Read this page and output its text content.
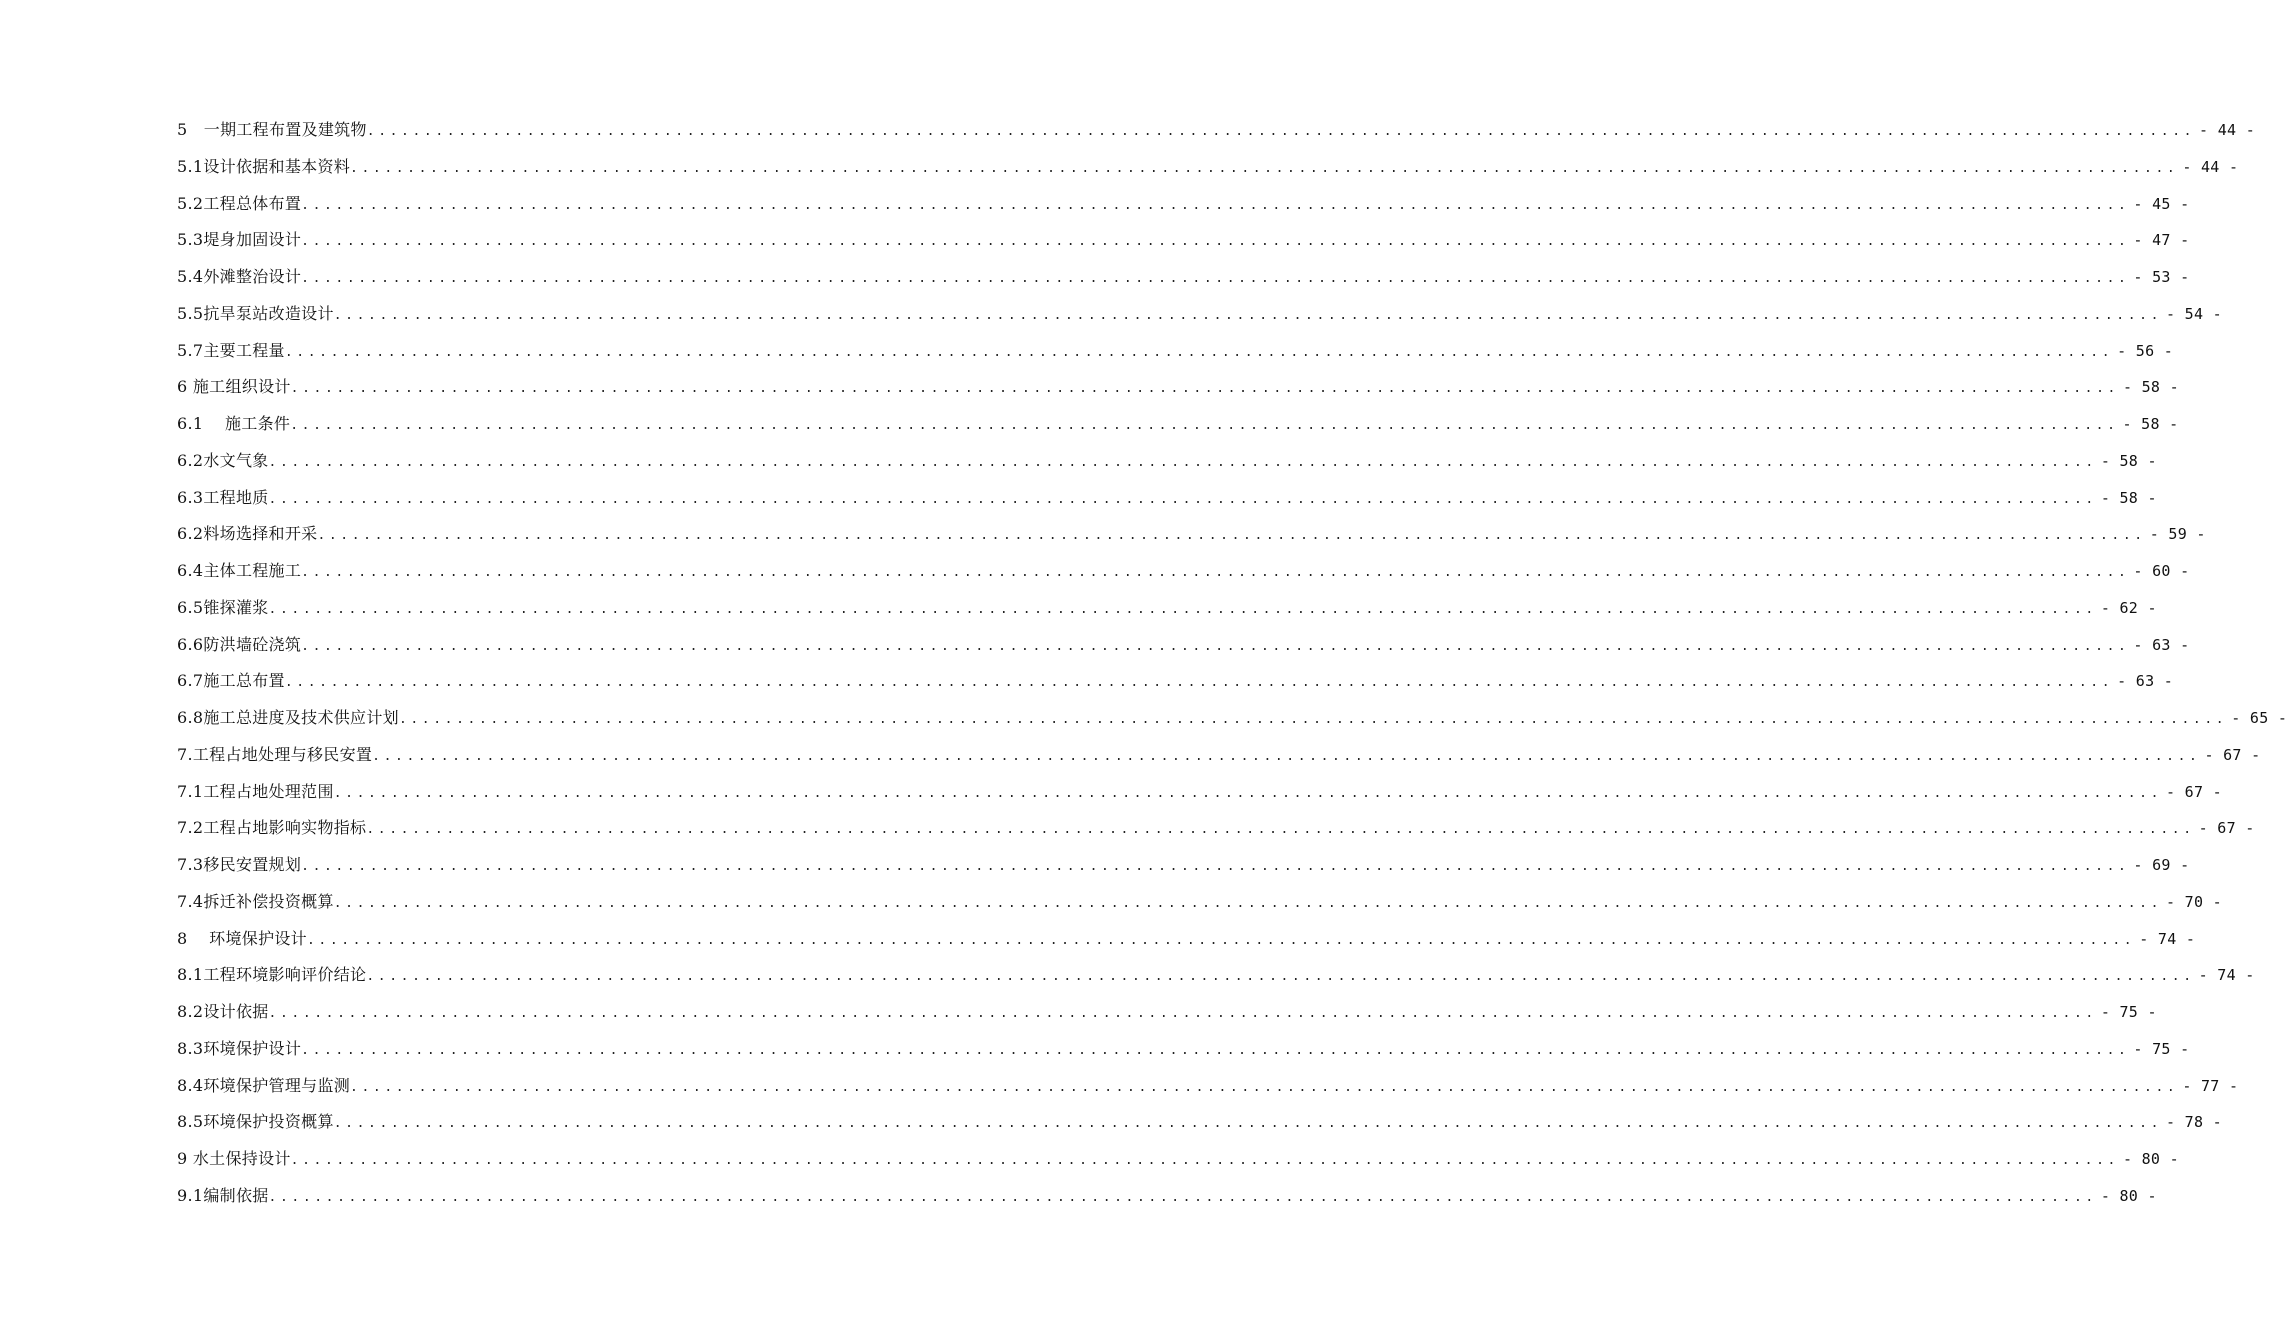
5　一期工程布置及建筑物 ................................................................................................................................................................ - 44 -
5.1设计依据和基本资料 ................................................................................................................................................................ - 44 -
5.2工程总体布置 ................................................................................................................................................................ - 45 -
5.3堤身加固设计 ................................................................................................................................................................ - 47 -
5.4外滩整治设计 ................................................................................................................................................................ - 53 -
5.5抗旱泵站改造设计 ................................................................................................................................................................ - 54 -
5.7主要工程量 ................................................................................................................................................................ - 56 -
6 施工组织设计 ................................................................................................................................................................ - 58 -
6.1　 施工条件 ................................................................................................................................................................ - 58 -
6.2水文气象 ................................................................................................................................................................ - 58 -
6.3工程地质 ................................................................................................................................................................ - 58 -
6.2料场选择和开采 ................................................................................................................................................................ - 59 -
6.4主体工程施工 ................................................................................................................................................................ - 60 -
6.5锥探灌浆 ................................................................................................................................................................ - 62 -
6.6防洪墙砼浇筑 ................................................................................................................................................................ - 63 -
6.7施工总布置 ................................................................................................................................................................ - 63 -
6.8施工总进度及技术供应计划 ................................................................................................................................................................ - 65 -
7.工程占地处理与移民安置 ................................................................................................................................................................ - 67 -
7.1工程占地处理范围 ................................................................................................................................................................ - 67 -
7.2工程占地影响实物指标 ................................................................................................................................................................ - 67 -
7.3移民安置规划 ................................................................................................................................................................ - 69 -
7.4拆迁补偿投资概算 ................................................................................................................................................................ - 70 -
8　 环境保护设计 ................................................................................................................................................................ - 74 -
8.1工程环境影响评价结论 ................................................................................................................................................................ - 74 -
8.2设计依据 ................................................................................................................................................................ - 75 -
8.3环境保护设计 ................................................................................................................................................................ - 75 -
8.4环境保护管理与监测 ................................................................................................................................................................ - 77 -
8.5环境保护投资概算 ................................................................................................................................................................ - 78 -
9 水土保持设计 ................................................................................................................................................................ - 80 -
9.1编制依据 ................................................................................................................................................................ - 80 -
